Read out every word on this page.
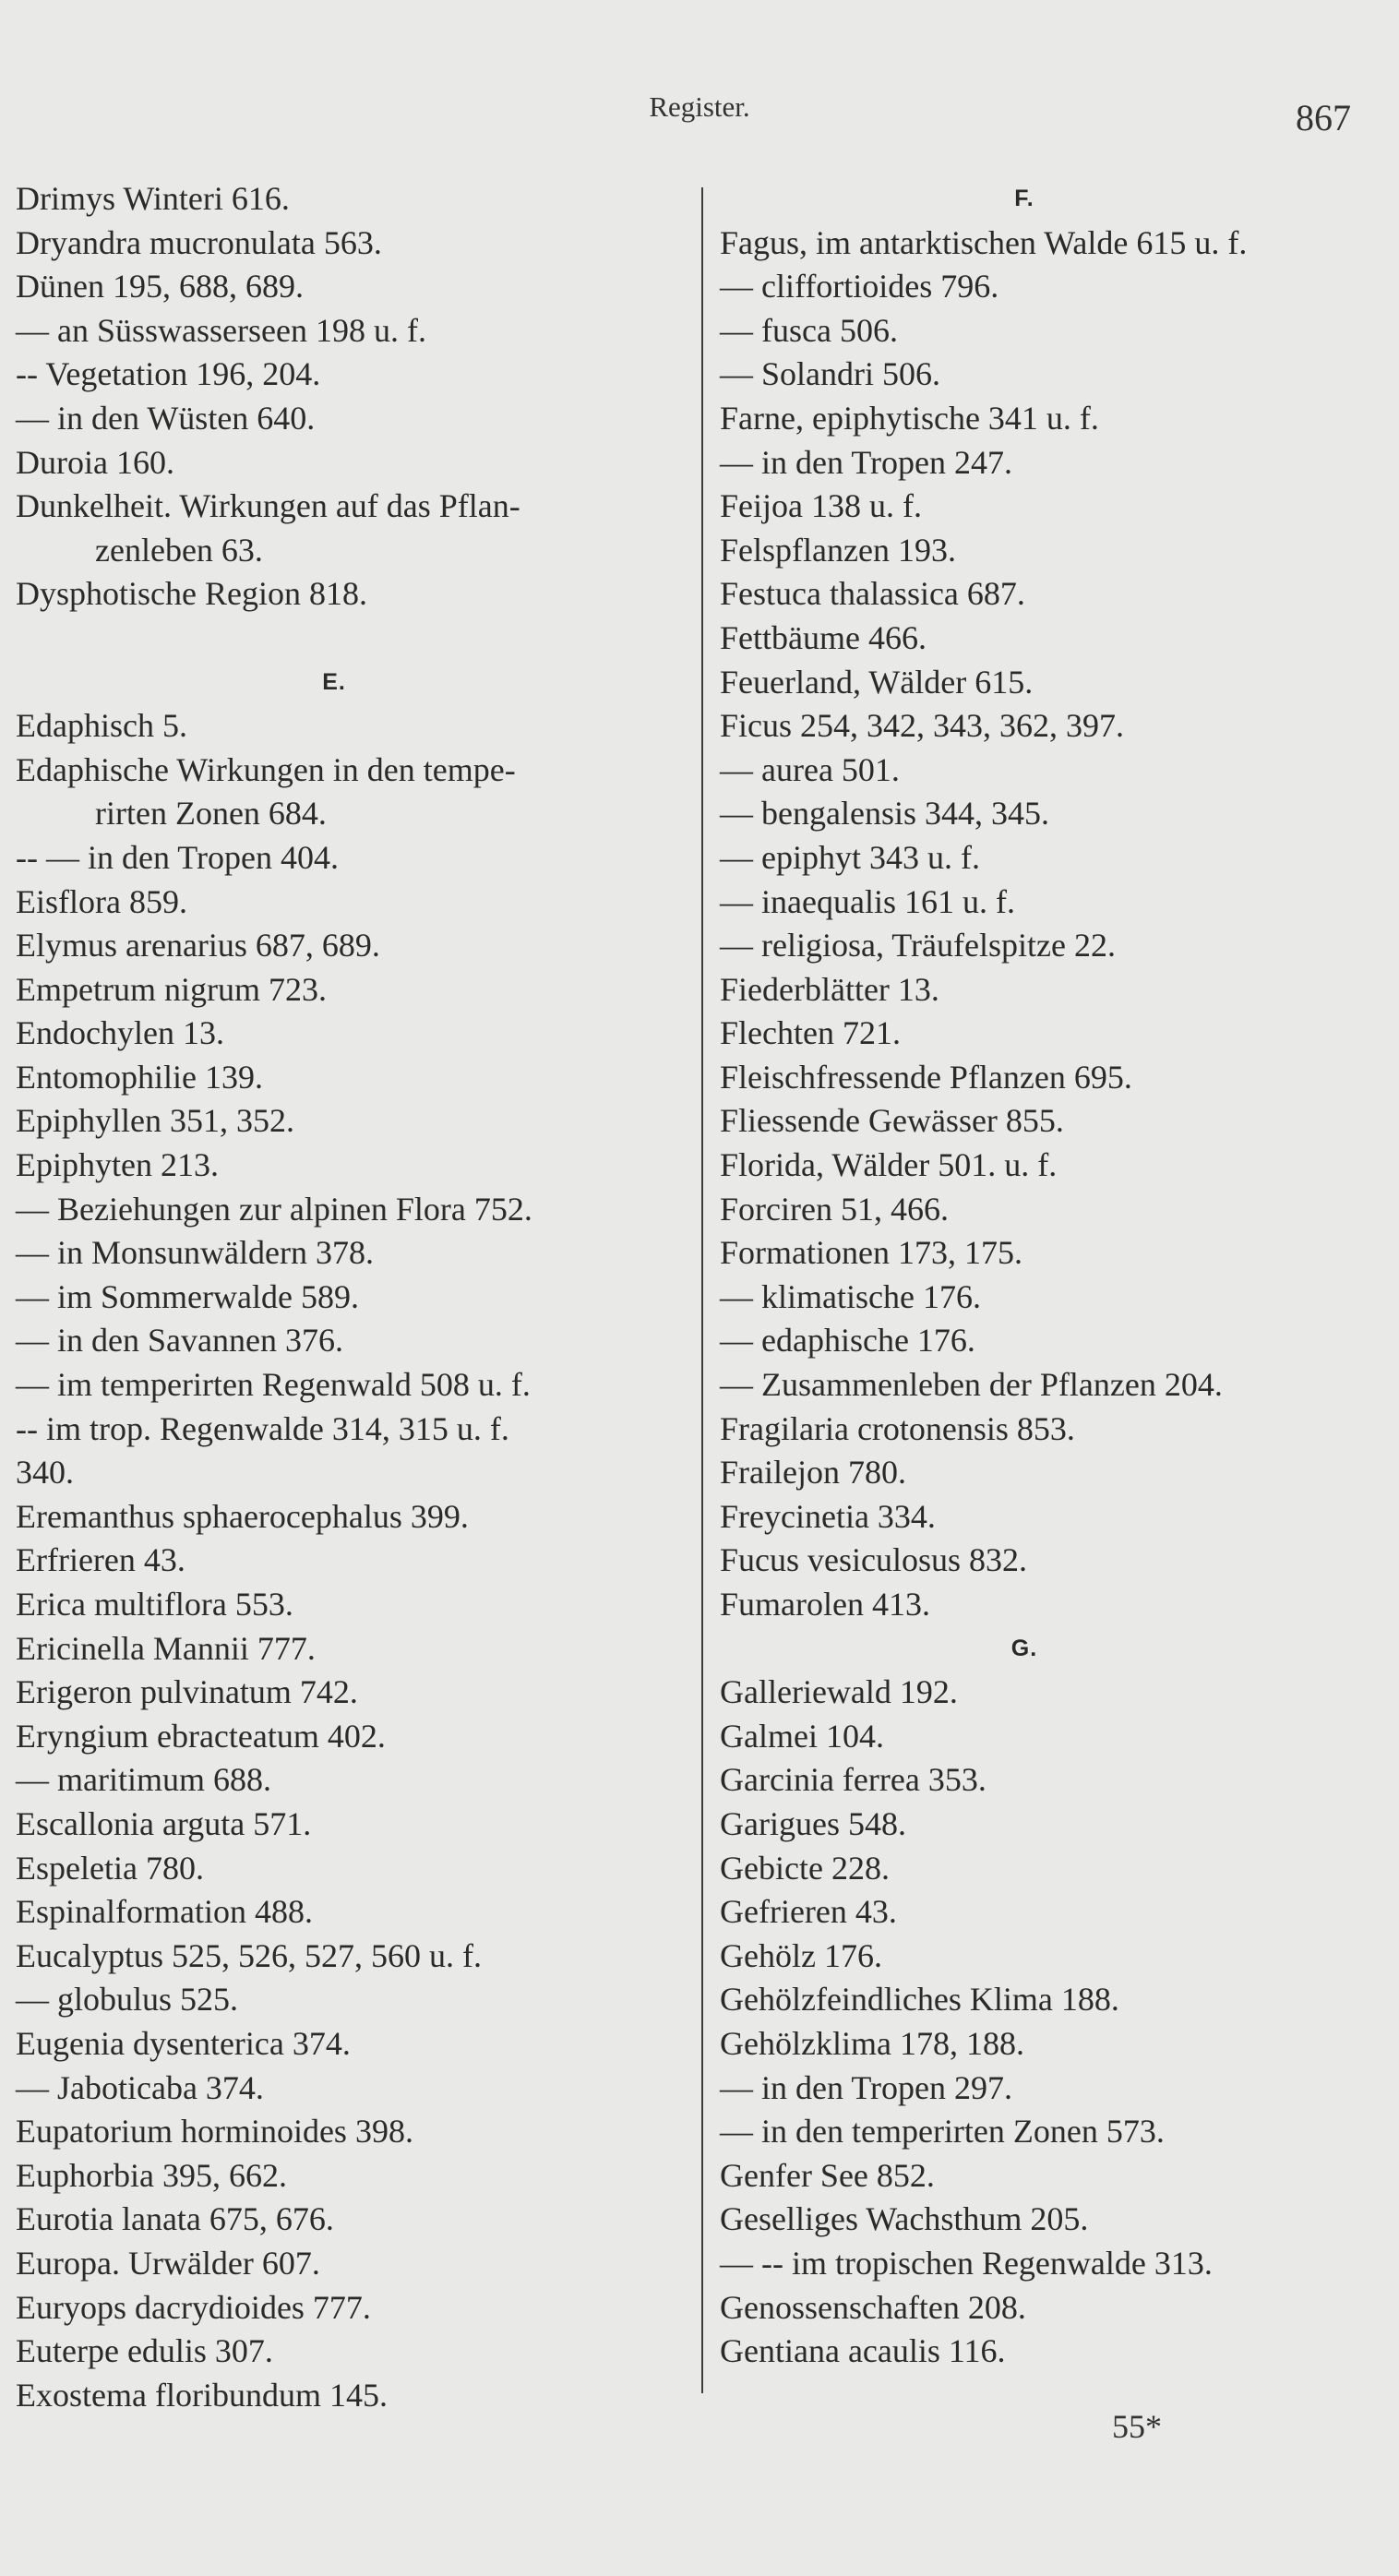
Register.	867
Drimys Winteri 616.
Dryandra mucronulata 563.
Dünen 195, 688, 689.
— an Süsswasserseen 198 u. f.
-- Vegetation 196, 204.
— in den Wüsten 640.
Duroia 160.
Dunkelheit. Wirkungen auf das Pflan-
zenleben 63.
Dysphotische Region 818.
E.
Edaphisch 5.
Edaphische Wirkungen in den tempe-
rirten Zonen 684.
-- — in den Tropen 404.
Eisflora 859.
Elymus arenarius 687, 689.
Empetrum nigrum 723.
Endochylen 13.
Entomophilie 139.
Epiphyllen 351, 352.
Epiphyten 213.
— Beziehungen zur alpinen Flora 752.
— in Monsunwäldern 378.
— im Sommerwalde 589.
— in den Savannen 376.
— im temperirten Regenwald 508 u. f.
-- im trop. Regenwalde 314, 315 u. f.
340.
Eremanthus sphaerocephalus 399.
Erfrieren 43.
Erica multiflora 553.
Ericinella Mannii 777.
Erigeron pulvinatum 742.
Eryngium ebracteatum 402.
— maritimum 688.
Escallonia arguta 571.
Espeletia 780.
Espinalformation 488.
Eucalyptus 525, 526, 527, 560 u. f.
— globulus 525.
Eugenia dysenterica 374.
— Jaboticaba 374.
Eupatorium horminoides 398.
Euphorbia 395, 662.
Eurotia lanata 675, 676.
Europa. Urwälder 607.
Euryops dacrydioides 777.
Euterpe edulis 307.
Exostema floribundum 145.
F.
Fagus, im antarktischen Walde 615 u. f.
— cliffortioides 796.
— fusca 506.
— Solandri 506.
Farne, epiphytische 341 u. f.
— in den Tropen 247.
Feijoa 138 u. f.
Felspflanzen 193.
Festuca thalassica 687.
Fettbäume 466.
Feuerland, Wälder 615.
Ficus 254, 342, 343, 362, 397.
— aurea 501.
— bengalensis 344, 345.
— epiphyt 343 u. f.
— inaequalis 161 u. f.
— religiosa, Träufelspitze 22.
Fiederblätter 13.
Flechten 721.
Fleischfressende Pflanzen 695.
Fliessende Gewässer 855.
Florida, Wälder 501. u. f.
Forciren 51, 466.
Formationen 173, 175.
— klimatische 176.
— edaphische 176.
— Zusammenleben der Pflanzen 204.
Fragilaria crotonensis 853.
Frailejon 780.
Freycinetia 334.
Fucus vesiculosus 832.
Fumarolen 413.
G.
Galleriewald 192.
Galmei 104.
Garcinia ferrea 353.
Garigues 548.
Gebicte 228.
Gefrieren 43.
Gehölz 176.
Gehölzfeindliches Klima 188.
Gehölzklima 178, 188.
— in den Tropen 297.
— in den temperirten Zonen 573.
Genfer See 852.
Geselliges Wachsthum 205.
— -- im tropischen Regenwalde 313.
Genossenschaften 208.
Gentiana acaulis 116.
55*
